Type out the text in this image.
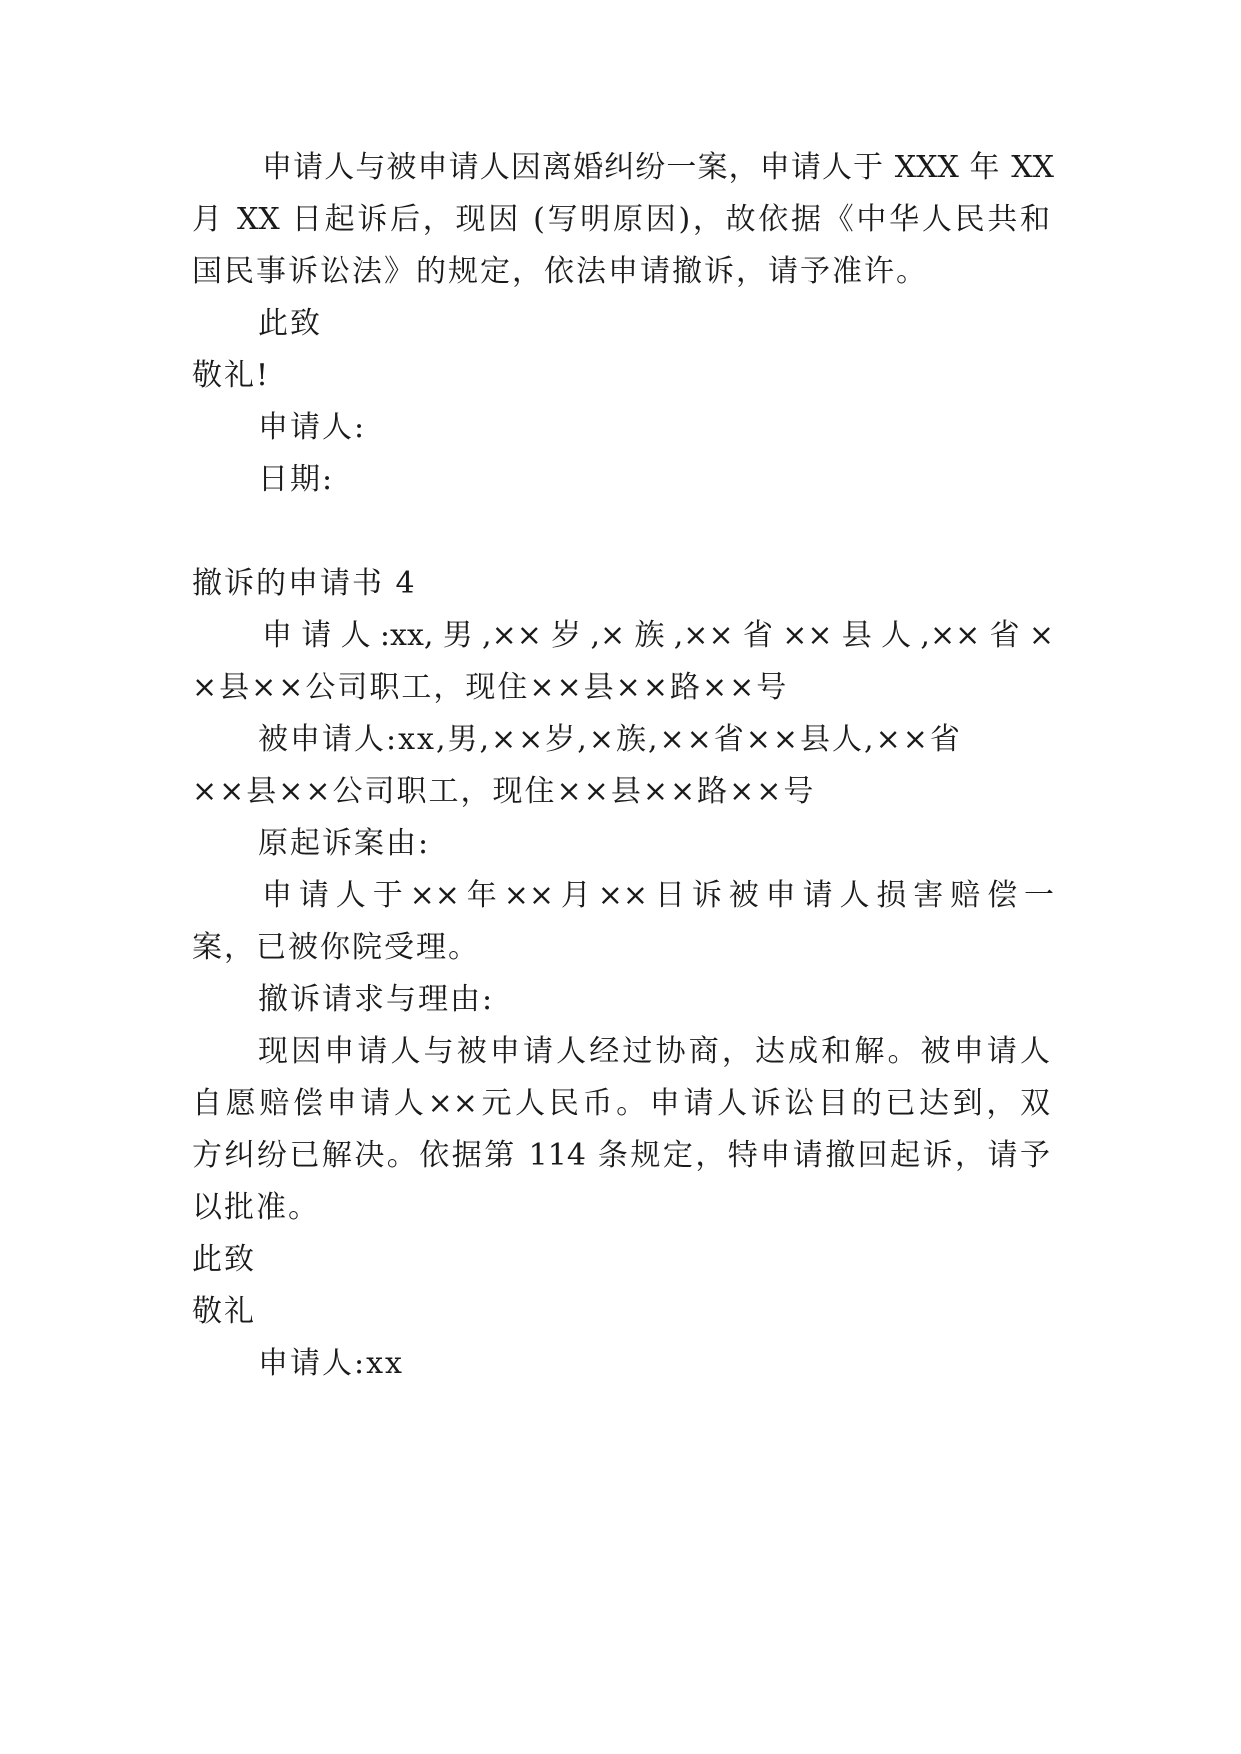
申请人与被申请人因离婚纠纷一案，申请人于 XXX 年 XX
月 XX 日起诉后，现因 (写明原因)，故依据《中华人民共和
国民事诉讼法》的规定，依法申请撤诉，请予准许。
此致
敬礼!
申请人:
日期:
撤诉的申请书 4
申请人:xx,男,××岁,×族,××省××县人,××省×
×县××公司职工，现住××县××路××号
被申请人:xx,男,××岁,×族,××省××县人,××省
××县××公司职工，现住××县××路××号
原起诉案由:
申请人于××年××月××日诉被申请人损害赔偿一
案，已被你院受理。
撤诉请求与理由:
现因申请人与被申请人经过协商，达成和解。被申请人
自愿赔偿申请人××元人民币。申请人诉讼目的已达到，双
方纠纷已解决。依据第 114 条规定，特申请撤回起诉，请予
以批准。
此致
敬礼
申请人:xx
